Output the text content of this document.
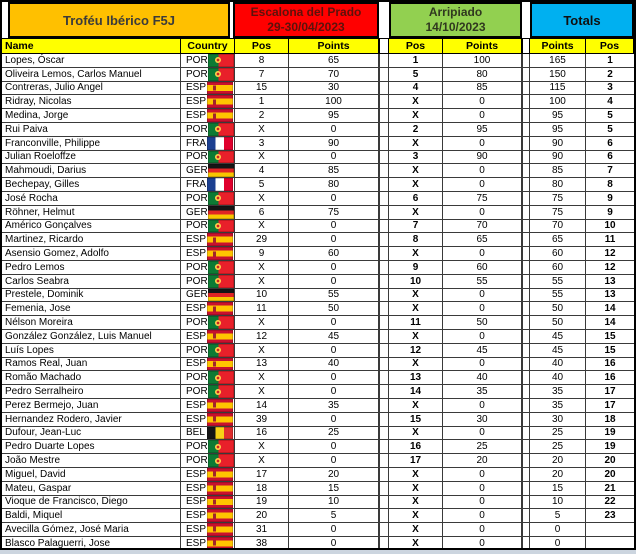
Troféu Ibérico F5J
Escalona del Prado
29-30/04/2023
Arripiado
14/10/2023	Totals
Name	Country	Pos	Points	Pos	Points	Points	Pos
Lopes, Óscar	POR	8	65	1	100	165	1
Oliveira Lemos, Carlos Manuel	POR	7	70	5	80	150	2
Contreras, Julio Angel	ESP	15	30	4	85	115	3
Ridray, Nicolas	ESP	1	100	X	0	100	4
Medina, Jorge	ESP	2	95	X	0	95	5
Rui Paiva	POR	X	0	2	95	95	5
Franconville, Philippe	FRA	3	90	X	0	90	6
Julian Roeloffze	POR	X	0	3	90	90	6
Mahmoudi, Darius	GER	4	85	X	0	85	7
Bechepay, Gilles	FRA	5	80	X	0	80	8
José Rocha	POR	X	0	6	75	75	9
Röhner, Helmut	GER	6	75	X	0	75	9
Américo Gonçalves	POR	X	0	7	70	70	10
Martinez, Ricardo	ESP	29	0	8	65	65	11
Asensio Gomez, Adolfo	ESP	9	60	X	0	60	12
Pedro Lemos	POR	X	0	9	60	60	12
Carlos Seabra	POR	X	0	10	55	55	13
Prestele, Dominik	GER	10	55	X	0	55	13
Femenia, Jose	ESP	11	50	X	0	50	14
Nélson Moreira	POR	X	0	11	50	50	14
González González, Luis Manuel	ESP	12	45	X	0	45	15
Luís Lopes	POR	X	0	12	45	45	15
Ramos Real, Juan	ESP	13	40	X	0	40	16
Romão Machado	POR	X	0	13	40	40	16
Pedro Serralheiro	POR	X	0	14	35	35	17
Perez Bermejo, Juan	ESP	14	35	X	0	35	17
Hernandez Rodero, Javier	ESP	39	0	15	30	30	18
Dufour, Jean-Luc	BEL	16	25	X	0	25	19
Pedro Duarte Lopes	POR	X	0	16	25	25	19
João Mestre	POR	X	0	17	20	20	20
Miguel, David	ESP	17	20	X	0	20	20
Mateu, Gaspar	ESP	18	15	X	0	15	21
Vioque de Francisco, Diego	ESP	19	10	X	0	10	22
Baldi, Miquel	ESP	20	5	X	0	5	23
Avecilla Gómez, José Maria	ESP	31	0	X	0	0
Blasco Palaguerri, Jose	ESP	38	0	X	0	0
